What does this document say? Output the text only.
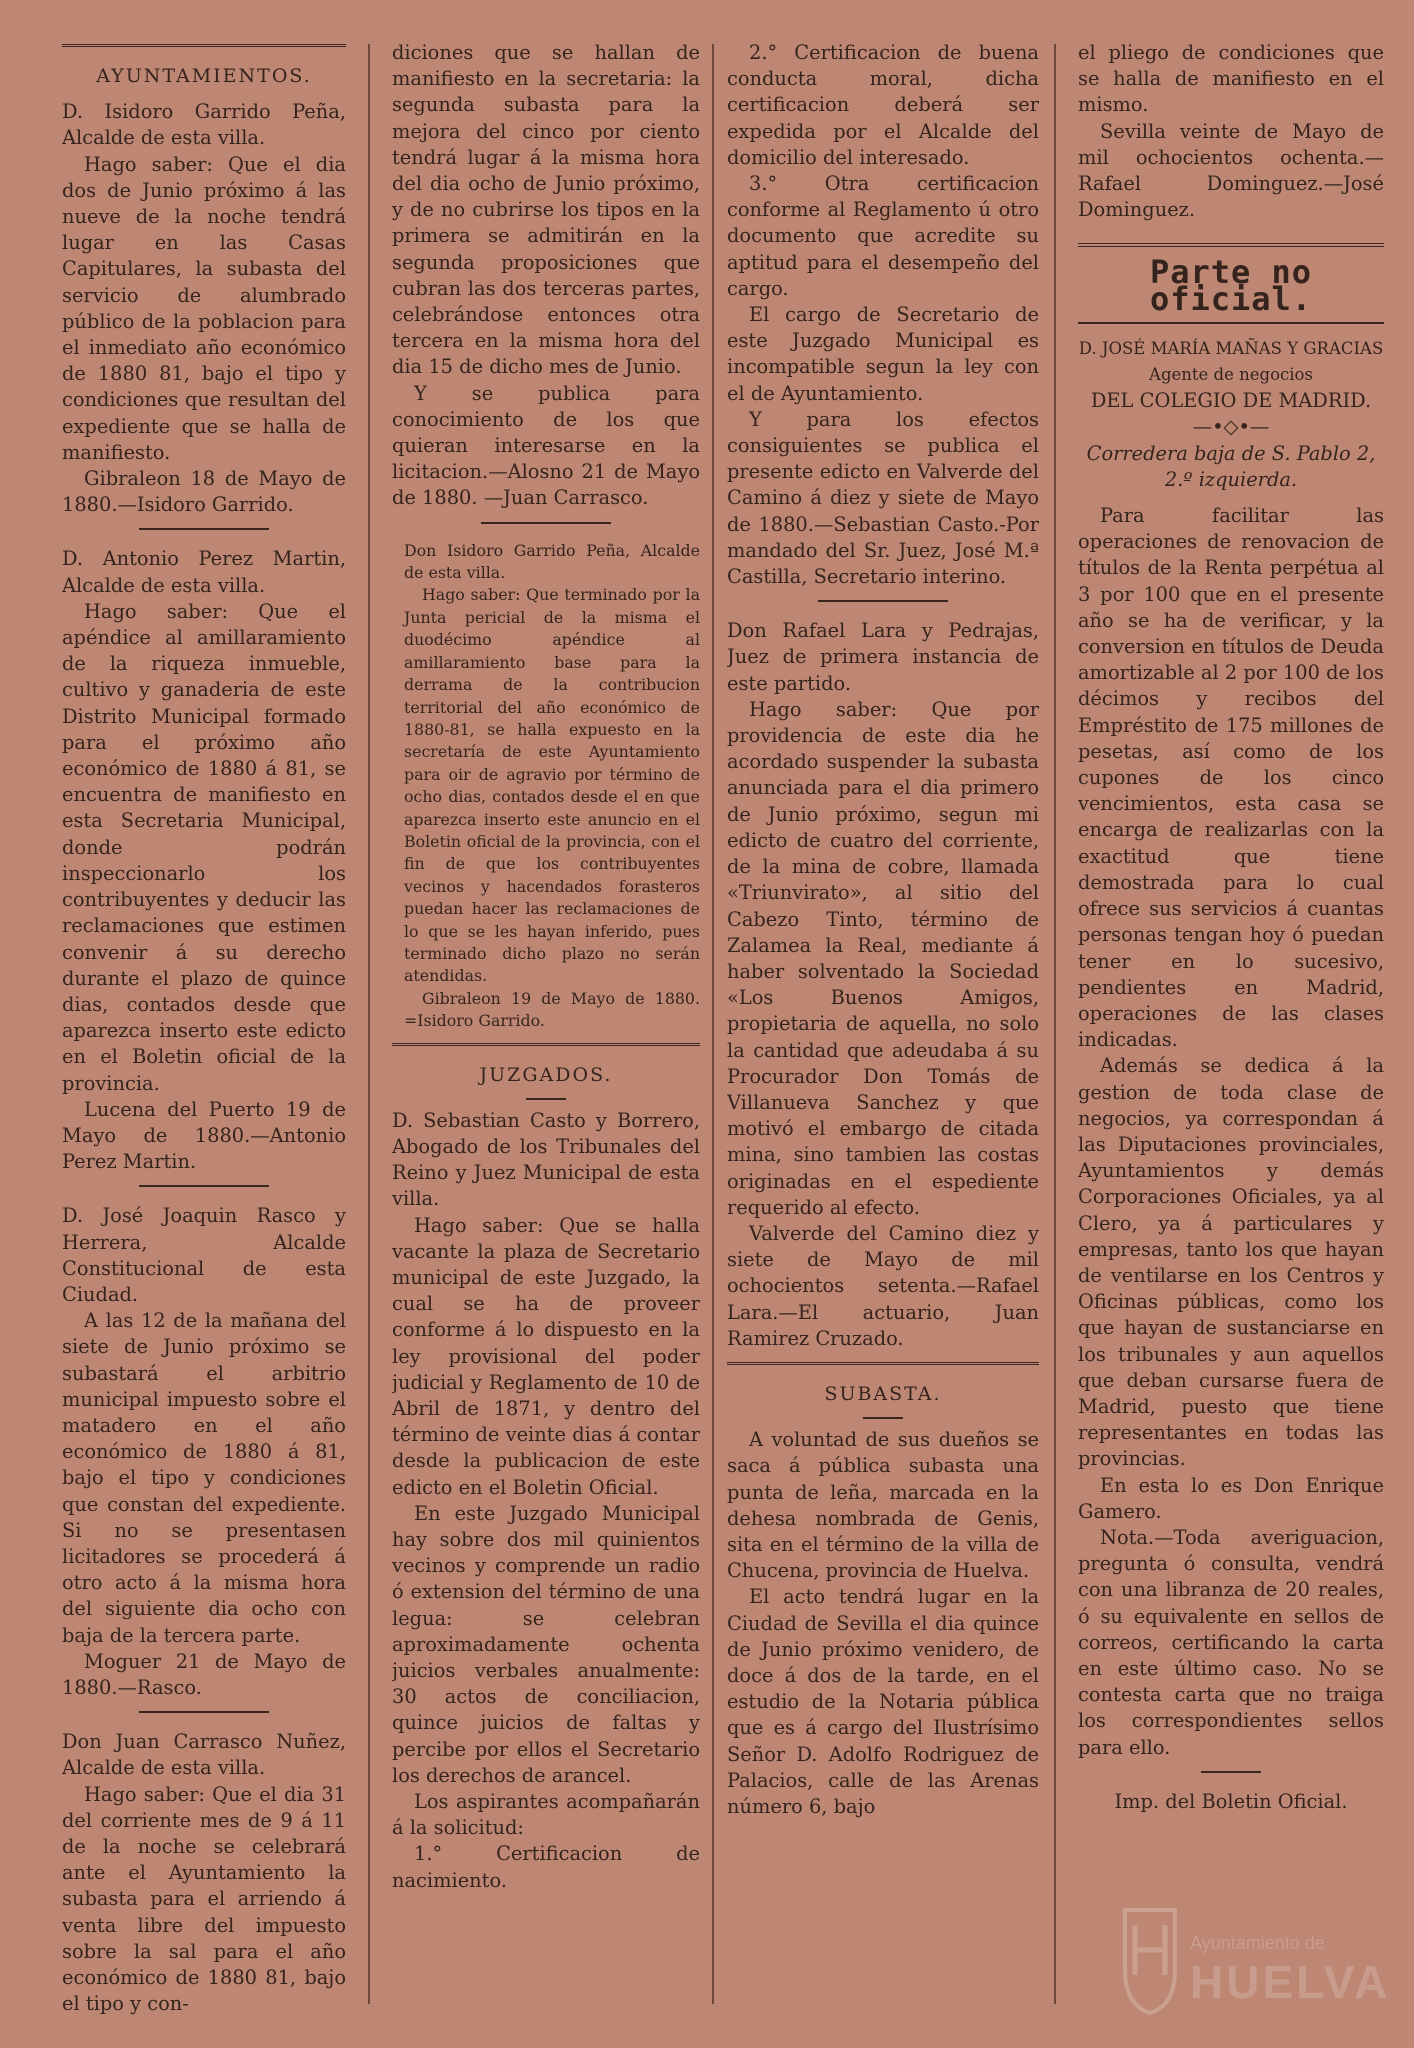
AYUNTAMIENTOS.

D. Isidoro Garrido Peña, Alcalde de esta villa.

Hago saber: Que el dia dos de Junio próximo á las nueve de la noche tendrá lugar en las Casas Capitulares, la subasta del servicio de alumbrado público de la poblacion para el inmediato año económico de 1880 81, bajo el tipo y condiciones que resultan del expediente que se halla de manifiesto.

Gibraleon 18 de Mayo de 1880.—Isidoro Garrido.

D. Antonio Perez Martin, Alcalde de esta villa.

Hago saber: Que el apéndice al amillaramiento de la riqueza inmueble, cultivo y ganaderia de este Distrito Municipal formado para el próximo año económico de 1880 á 81, se encuentra de manifiesto en esta Secretaria Municipal, donde podrán inspeccionarlo los contribuyentes y deducir las reclamaciones que estimen convenir á su derecho durante el plazo de quince dias, contados desde que aparezca inserto este edicto en el Boletin oficial de la provincia.

Lucena del Puerto 19 de Mayo de 1880.—Antonio Perez Martin.

D. José Joaquin Rasco y Herrera, Alcalde Constitucional de esta Ciudad.

A las 12 de la mañana del siete de Junio próximo se subastará el arbitrio municipal impuesto sobre el matadero en el año económico de 1880 á 81, bajo el tipo y condiciones que constan del expediente. Si no se presentasen licitadores se procederá á otro acto á la misma hora del siguiente dia ocho con baja de la tercera parte.

Moguer 21 de Mayo de 1880.—Rasco.

Don Juan Carrasco Nuñez, Alcalde de esta villa.

Hago saber: Que el dia 31 del corriente mes de 9 á 11 de la noche se celebrará ante el Ayuntamiento la subasta para el arriendo á venta libre del impuesto sobre la sal para el año económico de 1880 81, bajo el tipo y con-

diciones que se hallan de manifiesto en la secretaria: la segunda subasta para la mejora del cinco por ciento tendrá lugar á la misma hora del dia ocho de Junio próximo, y de no cubrirse los tipos en la primera se admitirán en la segunda proposiciones que cubran las dos terceras partes, celebrándose entonces otra tercera en la misma hora del dia 15 de dicho mes de Junio.

Y se publica para conocimiento de los que quieran interesarse en la licitacion.—Alosno 21 de Mayo de 1880. —Juan Carrasco.

Don Isidoro Garrido Peña, Alcalde de esta villa.

Hago saber: Que terminado por la Junta pericial de la misma el duodécimo apéndice al amillaramiento base para la derrama de la contribucion territorial del año económico de 1880-81, se halla expuesto en la secretaría de este Ayuntamiento para oir de agravio por término de ocho dias, contados desde el en que aparezca inserto este anuncio en el Boletin oficial de la provincia, con el fin de que los contribuyentes vecinos y hacendados forasteros puedan hacer las reclamaciones de lo que se les hayan inferido, pues terminado dicho plazo no serán atendidas.

Gibraleon 19 de Mayo de 1880. =Isidoro Garrido.

JUZGADOS.

D. Sebastian Casto y Borrero, Abogado de los Tribunales del Reino y Juez Municipal de esta villa.

Hago saber: Que se halla vacante la plaza de Secretario municipal de este Juzgado, la cual se ha de proveer conforme á lo dispuesto en la ley provisional del poder judicial y Reglamento de 10 de Abril de 1871, y dentro del término de veinte dias á contar desde la publicacion de este edicto en el Boletin Oficial.

En este Juzgado Municipal hay sobre dos mil quinientos vecinos y comprende un radio ó extension del término de una legua: se celebran aproximadamente ochenta juicios verbales anualmente: 30 actos de conciliacion, quince juicios de faltas y percibe por ellos el Secretario los derechos de arancel.

Los aspirantes acompañarán á la solicitud:

1.° Certificacion de nacimiento.

2.° Certificacion de buena conducta moral, dicha certificacion deberá ser expedida por el Alcalde del domicilio del interesado.

3.° Otra certificacion conforme al Reglamento ú otro documento que acredite su aptitud para el desempeño del cargo.

El cargo de Secretario de este Juzgado Municipal es incompatible segun la ley con el de Ayuntamiento.

Y para los efectos consiguientes se publica el presente edicto en Valverde del Camino á diez y siete de Mayo de 1880.—Sebastian Casto.-Por mandado del Sr. Juez, José M.ª Castilla, Secretario interino.

Don Rafael Lara y Pedrajas, Juez de primera instancia de este partido.

Hago saber: Que por providencia de este dia he acordado suspender la subasta anunciada para el dia primero de Junio próximo, segun mi edicto de cuatro del corriente, de la mina de cobre, llamada «Triunvirato», al sitio del Cabezo Tinto, término de Zalamea la Real, mediante á haber solventado la Sociedad «Los Buenos Amigos, propietaria de aquella, no solo la cantidad que adeudaba á su Procurador Don Tomás de Villanueva Sanchez y que motivó el embargo de citada mina, sino tambien las costas originadas en el espediente requerido al efecto.

Valverde del Camino diez y siete de Mayo de mil ochocientos setenta.—Rafael Lara.—El actuario, Juan Ramirez Cruzado.

SUBASTA.

A voluntad de sus dueños se saca á pública subasta una punta de leña, marcada en la dehesa nombrada de Genis, sita en el término de la villa de Chucena, provincia de Huelva.

El acto tendrá lugar en la Ciudad de Sevilla el dia quince de Junio próximo venidero, de doce á dos de la tarde, en el estudio de la Notaria pública que es á cargo del Ilustrísimo Señor D. Adolfo Rodriguez de Palacios, calle de las Arenas número 6, bajo

el pliego de condiciones que se halla de manifiesto en el mismo.

Sevilla veinte de Mayo de mil ochocientos ochenta.—Rafael Dominguez.—José Dominguez.

Parte no oficial.

D. JOSÉ MARÍA MAÑAS Y GRACIAS

Agente de negocios

DEL COLEGIO DE MADRID.

—•◇•—

Corredera baja de S. Pablo 2, 2.º izquierda.

Para facilitar las operaciones de renovacion de títulos de la Renta perpétua al 3 por 100 que en el presente año se ha de verificar, y la conversion en títulos de Deuda amortizable al 2 por 100 de los décimos y recibos del Empréstito de 175 millones de pesetas, así como de los cupones de los cinco vencimientos, esta casa se encarga de realizarlas con la exactitud que tiene demostrada para lo cual ofrece sus servicios á cuantas personas tengan hoy ó puedan tener en lo sucesivo, pendientes en Madrid, operaciones de las clases indicadas.

Además se dedica á la gestion de toda clase de negocios, ya correspondan á las Diputaciones provinciales, Ayuntamientos y demás Corporaciones Oficiales, ya al Clero, ya á particulares y empresas, tanto los que hayan de ventilarse en los Centros y Oficinas públicas, como los que hayan de sustanciarse en los tribunales y aun aquellos que deban cursarse fuera de Madrid, puesto que tiene representantes en todas las provincias.

En esta lo es Don Enrique Gamero.

Nota.—Toda averiguacion, pregunta ó consulta, vendrá con una libranza de 20 reales, ó su equivalente en sellos de correos, certificando la carta en este último caso. No se contesta carta que no traiga los correspondientes sellos para ello.

Imp. del Boletin Oficial.

Ayuntamiento de
HUELVA
